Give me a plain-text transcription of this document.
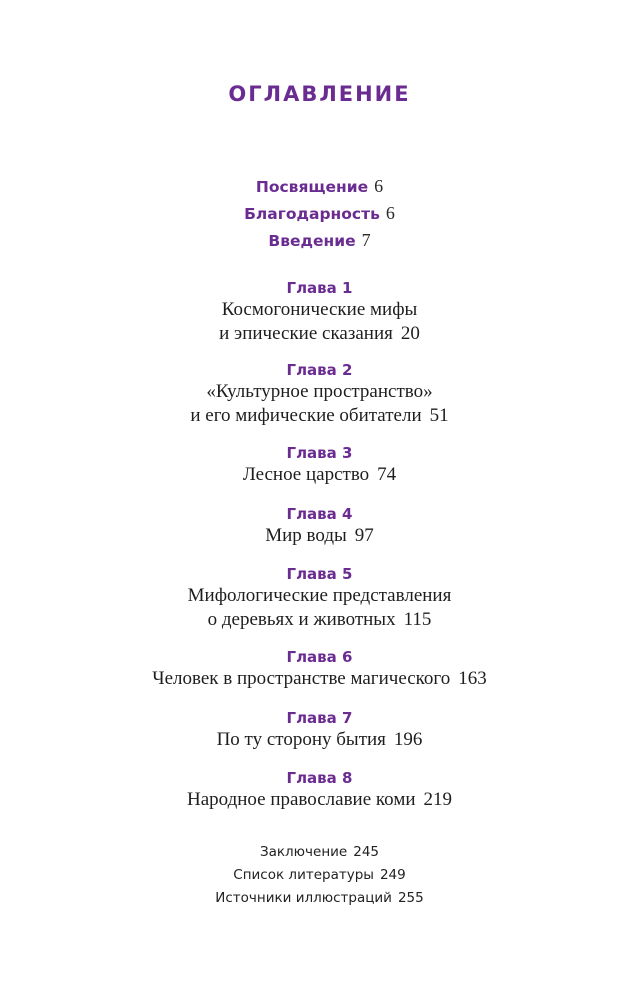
ОГЛАВЛЕНИЕ
Посвящение 6
Благодарность 6
Введение 7
Глава 1
Космогонические мифы
и эпические сказания 20
Глава 2
«Культурное пространство»
и его мифические обитатели 51
Глава 3
Лесное царство 74
Глава 4
Мир воды 97
Глава 5
Мифологические представления
о деревьях и животных 115
Глава 6
Человек в пространстве магического 163
Глава 7
По ту сторону бытия 196
Глава 8
Народное православие коми 219
Заключение 245
Список литературы 249
Источники иллюстраций 255
